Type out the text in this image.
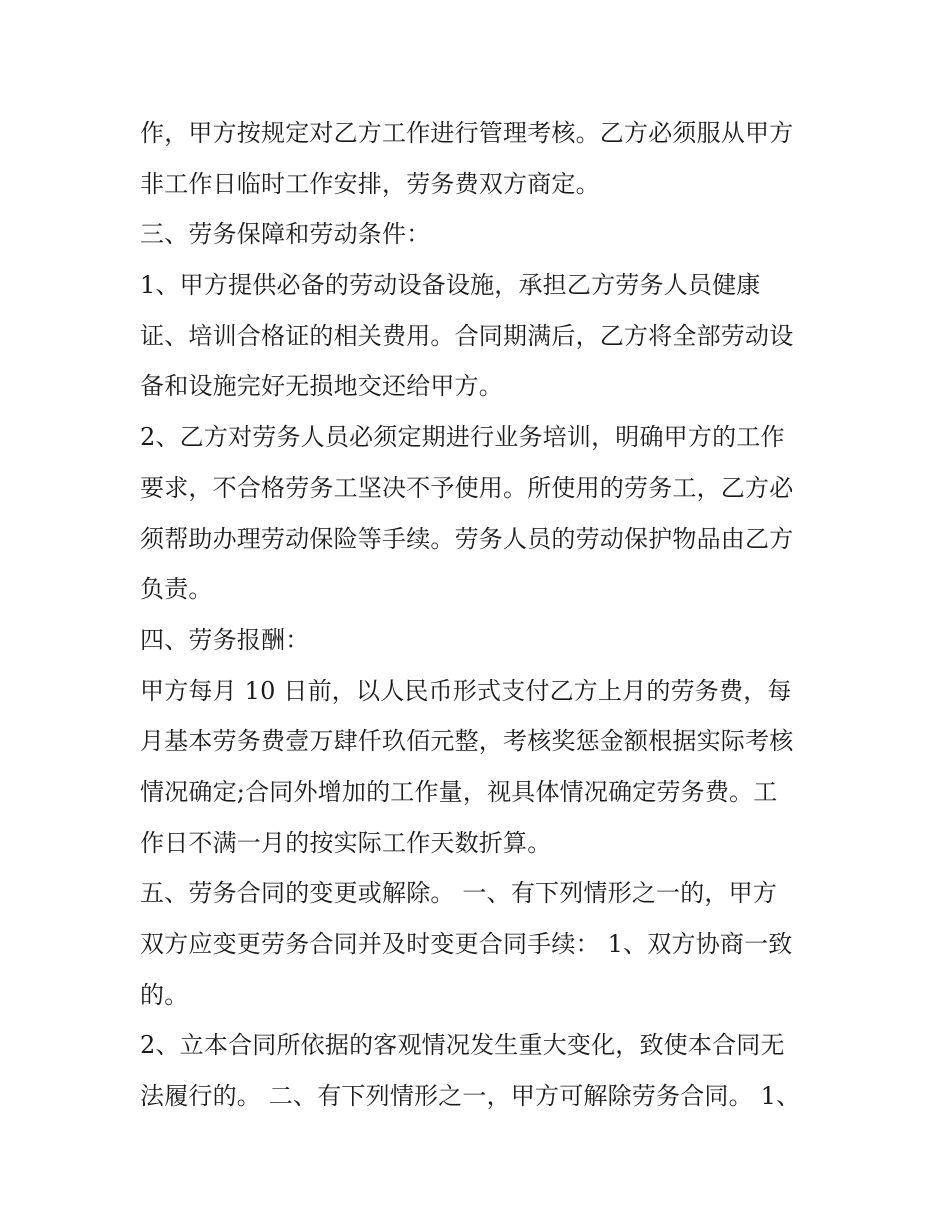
作，甲方按规定对乙方工作进行管理考核。乙方必须服从甲方
非工作日临时工作安排，劳务费双方商定。
三、劳务保障和劳动条件：
1、甲方提供必备的劳动设备设施，承担乙方劳务人员健康
证、培训合格证的相关费用。合同期满后，乙方将全部劳动设
备和设施完好无损地交还给甲方。
2、乙方对劳务人员必须定期进行业务培训，明确甲方的工作
要求，不合格劳务工坚决不予使用。所使用的劳务工，乙方必
须帮助办理劳动保险等手续。劳务人员的劳动保护物品由乙方
负责。
四、劳务报酬：
甲方每月 10 日前，以人民币形式支付乙方上月的劳务费，每
月基本劳务费壹万肆仟玖佰元整，考核奖惩金额根据实际考核
情况确定;合同外增加的工作量，视具体情况确定劳务费。工
作日不满一月的按实际工作天数折算。
五、劳务合同的变更或解除。 一、有下列情形之一的，甲方
双方应变更劳务合同并及时变更合同手续： 1、双方协商一致
的。
2、立本合同所依据的客观情况发生重大变化，致使本合同无
法履行的。 二、有下列情形之一，甲方可解除劳务合同。 1、
